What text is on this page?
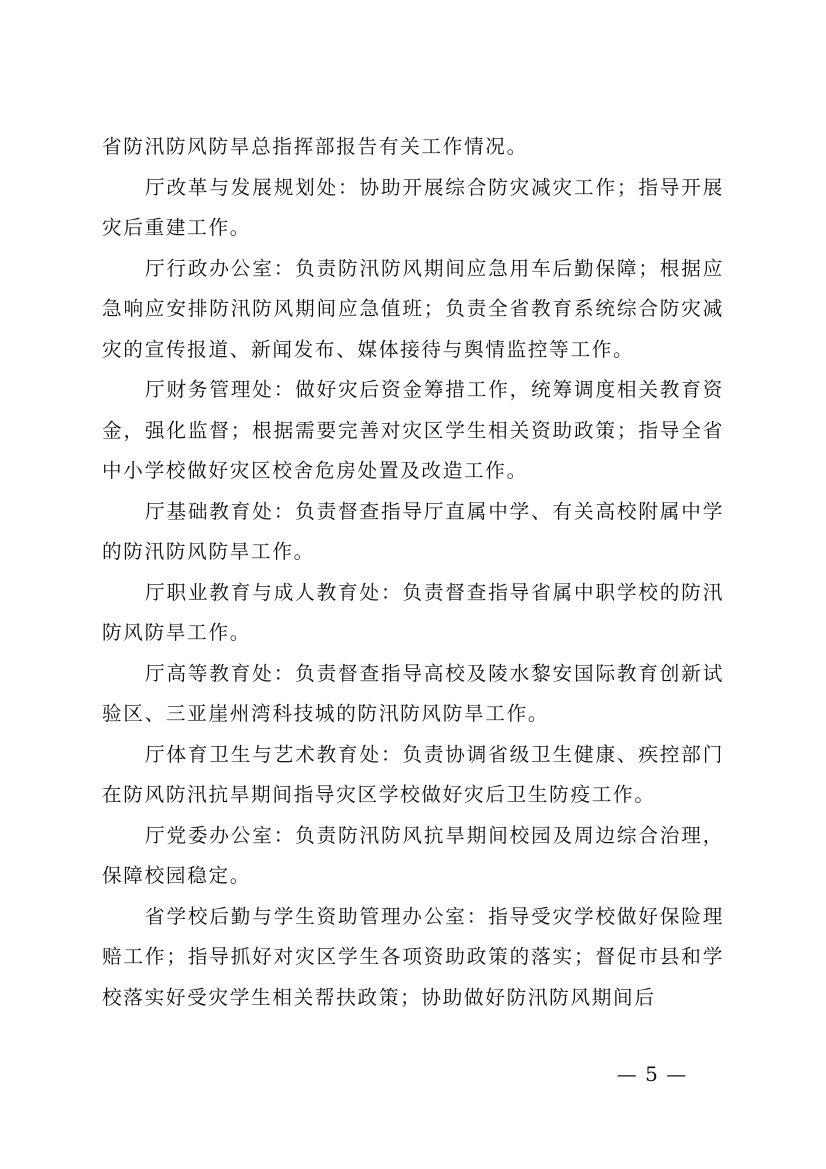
省防汛防风防旱总指挥部报告有关工作情况。

厅改革与发展规划处：协助开展综合防灾减灾工作；指导开展灾后重建工作。

厅行政办公室：负责防汛防风期间应急用车后勤保障；根据应急响应安排防汛防风期间应急值班；负责全省教育系统综合防灾减灾的宣传报道、新闻发布、媒体接待与舆情监控等工作。

厅财务管理处：做好灾后资金筹措工作，统筹调度相关教育资金，强化监督；根据需要完善对灾区学生相关资助政策；指导全省中小学校做好灾区校舍危房处置及改造工作。

厅基础教育处：负责督查指导厅直属中学、有关高校附属中学的防汛防风防旱工作。

厅职业教育与成人教育处：负责督查指导省属中职学校的防汛防风防旱工作。

厅高等教育处：负责督查指导高校及陵水黎安国际教育创新试验区、三亚崖州湾科技城的防汛防风防旱工作。

厅体育卫生与艺术教育处：负责协调省级卫生健康、疾控部门在防风防汛抗旱期间指导灾区学校做好灾后卫生防疫工作。

厅党委办公室：负责防汛防风抗旱期间校园及周边综合治理，保障校园稳定。

省学校后勤与学生资助管理办公室：指导受灾学校做好保险理赔工作；指导抓好对灾区学生各项资助政策的落实；督促市县和学校落实好受灾学生相关帮扶政策；协助做好防汛防风期间后

— 5 —
